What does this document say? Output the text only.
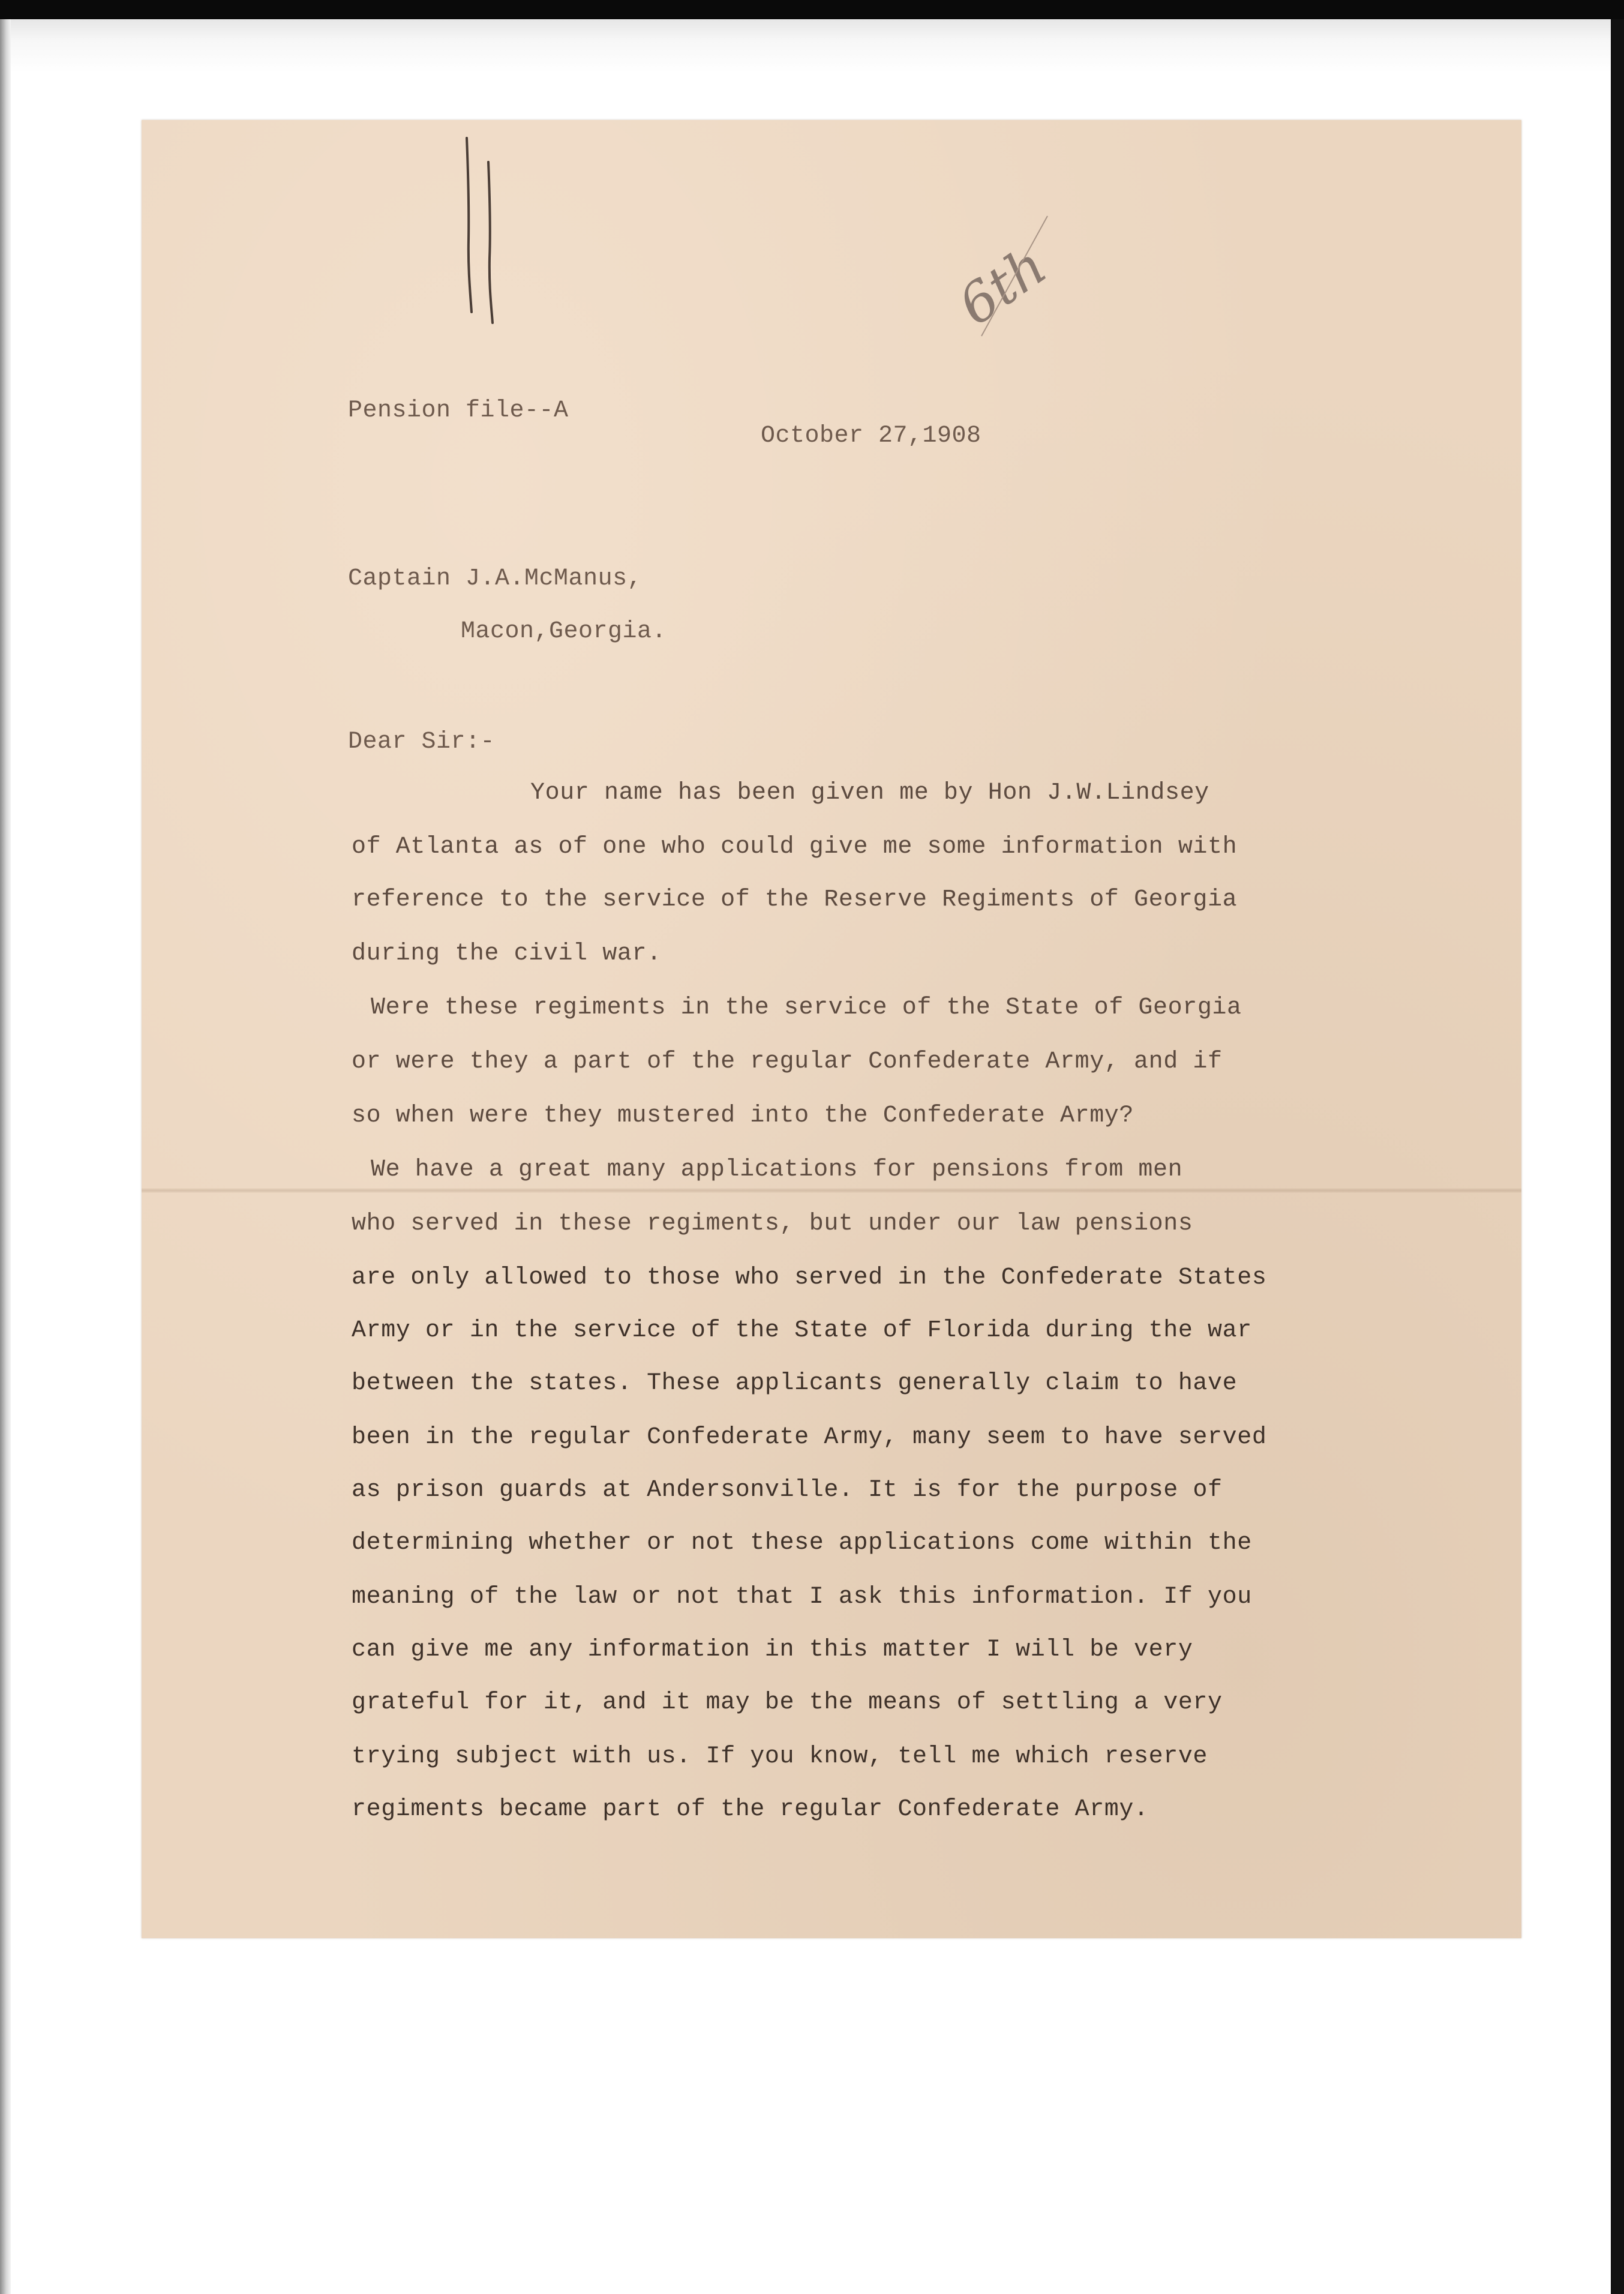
6th

Pension file--A

October 27,1908

Captain J.A.McManus,

Macon,Georgia.

Dear Sir:-

Your name has been given me by Hon J.W.Lindsey

of Atlanta as of one who could give me some information with

reference to the service of the Reserve Regiments of Georgia

during the civil war.

Were these regiments in the service of the State of Georgia

or were they a part of the regular Confederate Army, and if

so when were they mustered into the Confederate Army?

We have a great many applications for pensions from men

who served in these regiments, but under our law pensions

are only allowed to those who served in the Confederate States

Army or in the service of the State of Florida during the war

between the states. These applicants generally claim to have

been in the regular Confederate Army, many seem to have served

as prison guards at Andersonville. It is for the purpose of

determining whether or not these applications come within the

meaning of the law or not that I ask this information. If you

can give me any information in this matter I will be very

grateful for it, and it may be the means of settling a very

trying subject with us. If you know, tell me which reserve

regiments became part of the regular Confederate Army.
